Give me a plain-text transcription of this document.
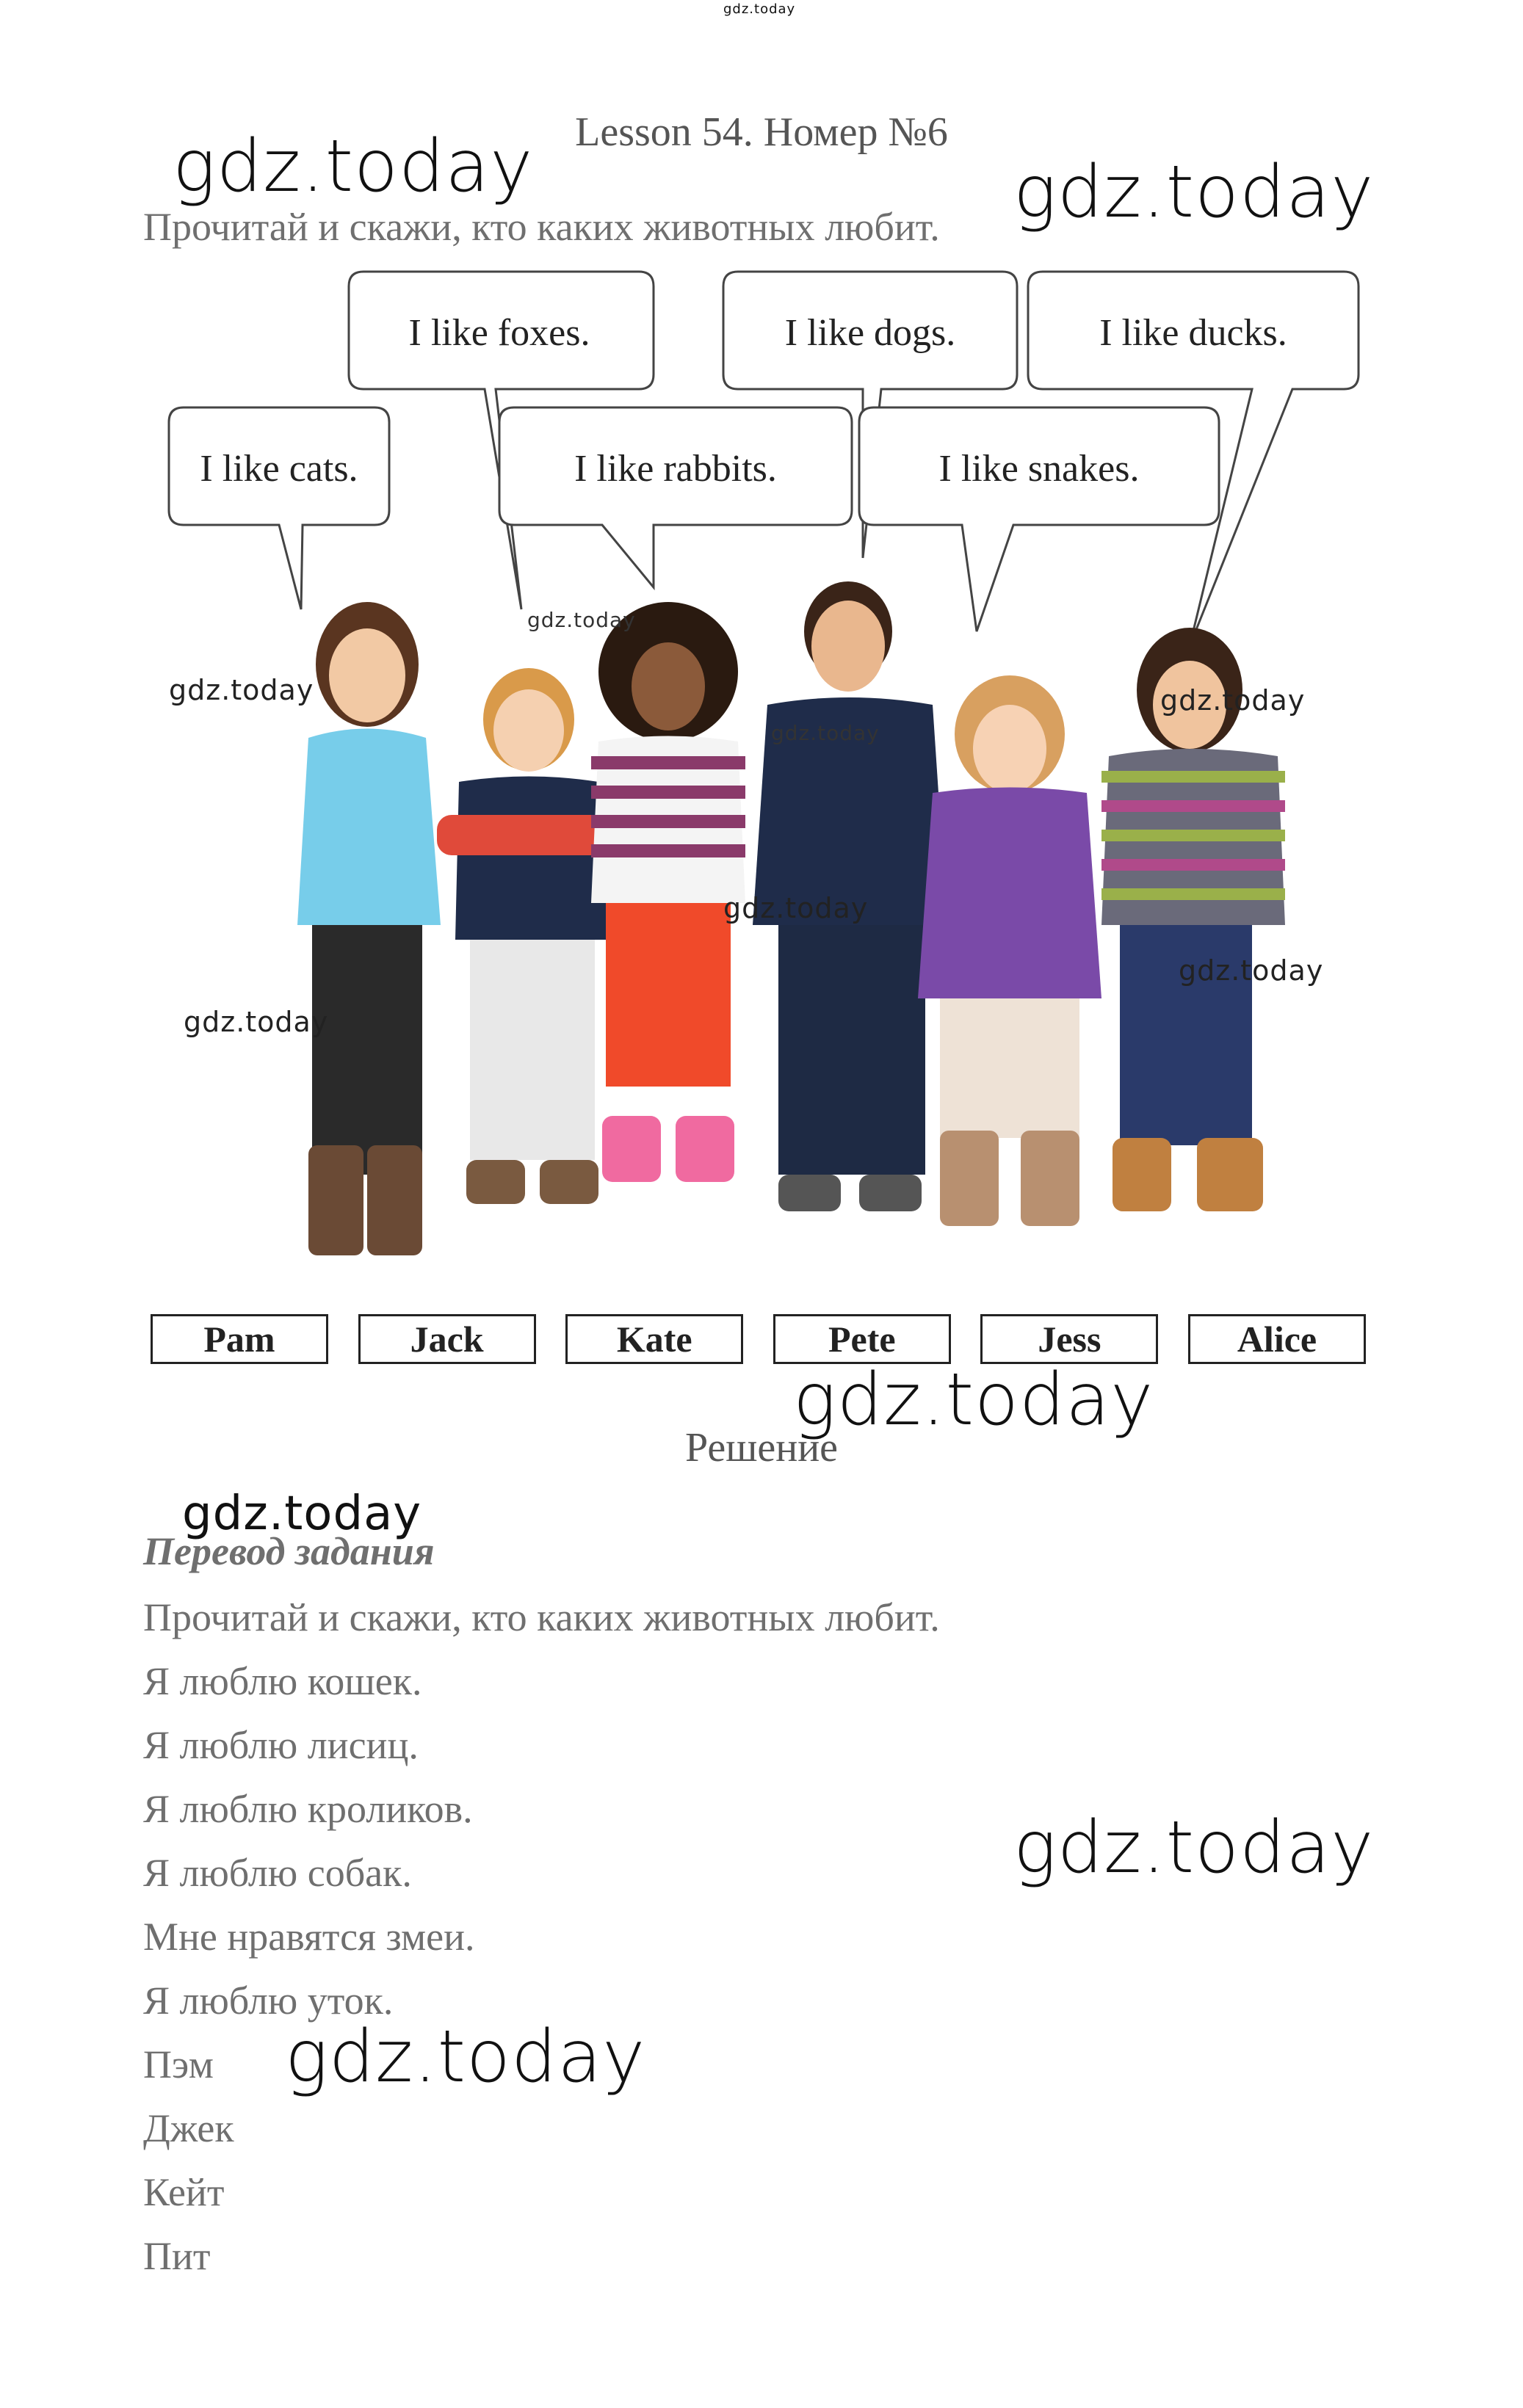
gdz.today
Lesson 54. Номер №6
Прочитай и скажи, кто каких животных любит.
I like cats.
I like foxes.
I like rabbits.
I like dogs.
I like snakes.
I like ducks.
Pam	Jack	Kate	Pete	Jess	Alice
Решение
Перевод задания
Прочитай и скажи, кто каких животных любит.
Я люблю кошек.
Я люблю лисиц.
Я люблю кроликов.
Я люблю собак.
Мне нравятся змеи.
Я люблю уток.
Пэм
Джек
Кейт
Пит
gdz.today	gdz.today
gdz.today
gdz.today
gdz.today
gdz.today
gdz.today
gdz.today
gdz.today
gdz.today
gdz.today
gdz.today
gdz.today
